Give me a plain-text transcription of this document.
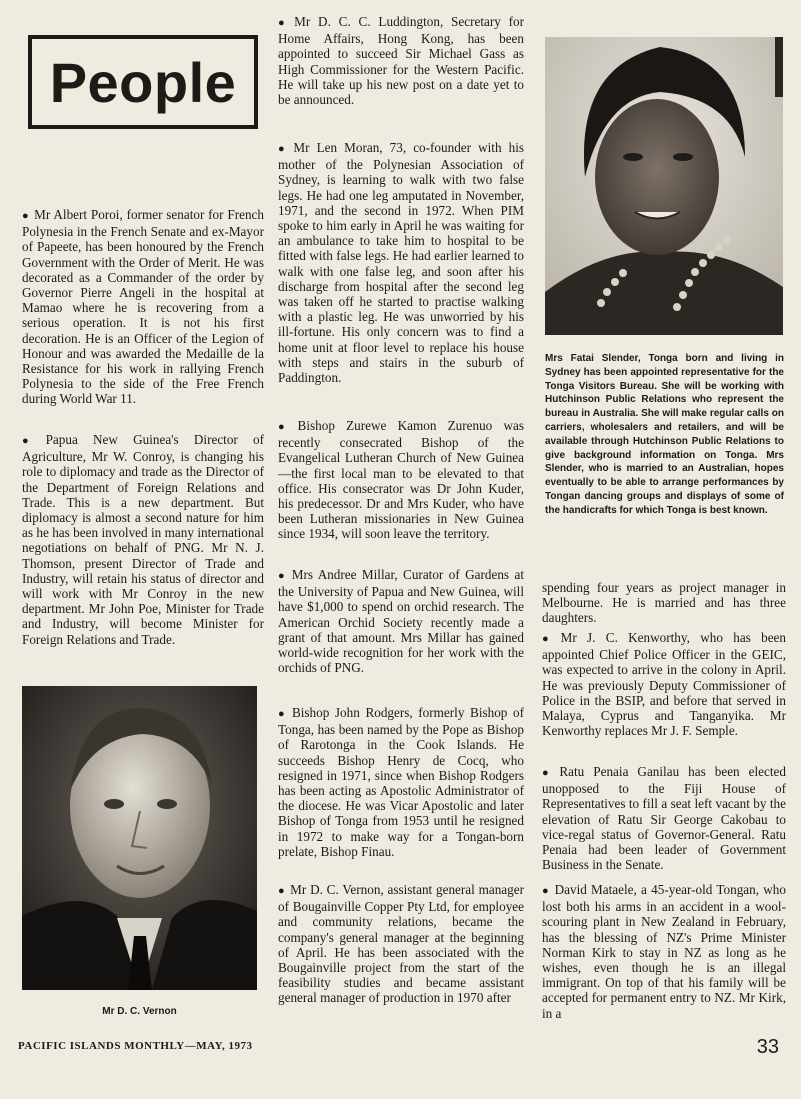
People

● Mr Albert Poroi, former senator for French Polynesia in the French Senate and ex-Mayor of Papeete, has been honoured by the French Government with the Order of Merit. He was decorated as a Commander of the order by Governor Pierre Angeli in the hospital at Mamao where he is recovering from a serious operation. It is not his first decoration. He is an Officer of the Legion of Honour and was awarded the Medaille de la Resistance for his work in rallying French Polynesia to the side of the Free French during World War 11.

● Papua New Guinea's Director of Agriculture, Mr W. Conroy, is changing his role to diplomacy and trade as the Director of the Department of Foreign Relations and Trade. This is a new department. But diplomacy is almost a second nature for him as he has been involved in many international negotiations on behalf of PNG. Mr N. J. Thomson, present Director of Trade and Industry, will retain his status of director and will work with Mr Conroy in the new department. Mr John Poe, Minister for Trade and Industry, will become Minister for Foreign Relations and Trade.

Mr D. C. Vernon

● Mr D. C. C. Luddington, Secretary for Home Affairs, Hong Kong, has been appointed to succeed Sir Michael Gass as High Commissioner for the Western Pacific. He will take up his new post on a date yet to be announced.

● Mr Len Moran, 73, co-founder with his mother of the Polynesian Association of Sydney, is learning to walk with two false legs. He had one leg amputated in November, 1971, and the second in 1972. When PIM spoke to him early in April he was waiting for an ambulance to take him to hospital to be fitted with false legs. He had earlier learned to walk with one false leg, and soon after his discharge from hospital after the second leg was taken off he started to practise walking with a plastic leg. He was unworried by his ill-fortune. His only concern was to find a home unit at floor level to replace his house with steps and stairs in the suburb of Paddington.

● Bishop Zurewe Kamon Zurenuo was recently consecrated Bishop of the Evangelical Lutheran Church of New Guinea—the first local man to be elevated to that office. His consecrator was Dr John Kuder, his predecessor. Dr and Mrs Kuder, who have been Lutheran missionaries in New Guinea since 1934, will soon leave the territory.

● Mrs Andree Millar, Curator of Gardens at the University of Papua and New Guinea, will have $1,000 to spend on orchid research. The American Orchid Society recently made a grant of that amount. Mrs Millar has gained world-wide recognition for her work with the orchids of PNG.

● Bishop John Rodgers, formerly Bishop of Tonga, has been named by the Pope as Bishop of Rarotonga in the Cook Islands. He succeeds Bishop Henry de Cocq, who resigned in 1971, since when Bishop Rodgers has been acting as Apostolic Administrator of the diocese. He was Vicar Apostolic and later Bishop of Tonga from 1953 until he resigned in 1972 to make way for a Tongan-born prelate, Bishop Finau.

● Mr D. C. Vernon, assistant general manager of Bougainville Copper Pty Ltd, for employee and community relations, became the company's general manager at the beginning of April. He has been associated with the Bougainville project from the start of the feasibility studies and became assistant general manager of production in 1970 after

Mrs Fatai Slender, Tonga born and living in Sydney has been appointed representative for the Tonga Visitors Bureau. She will be working with Hutchinson Public Relations who represent the bureau in Australia. She will make regular calls on carriers, wholesalers and retailers, and will be available through Hutchinson Public Relations to give background information on Tonga. Mrs Slender, who is married to an Australian, hopes eventually to be able to arrange performances by Tongan dancing groups and displays of some of the handicrafts for which Tonga is best known.

spending four years as project manager in Melbourne. He is married and has three daughters.

● Mr J. C. Kenworthy, who has been appointed Chief Police Officer in the GEIC, was expected to arrive in the colony in April. He was previously Deputy Commissioner of Police in the BSIP, and before that served in Malaya, Cyprus and Tanganyika. Mr Kenworthy replaces Mr J. F. Semple.

● Ratu Penaia Ganilau has been elected unopposed to the Fiji House of Representatives to fill a seat left vacant by the elevation of Ratu Sir George Cakobau to vice-regal status of Governor-General. Ratu Penaia had been leader of Government Business in the Senate.

● David Mataele, a 45-year-old Tongan, who lost both his arms in an accident in a wool-scouring plant in New Zealand in February, has the blessing of NZ's Prime Minister Norman Kirk to stay in NZ as long as he wishes, even though he is an illegal immigrant. On top of that his family will be accepted for permanent entry to NZ. Mr Kirk, in a

PACIFIC ISLANDS MONTHLY—MAY, 1973	33
